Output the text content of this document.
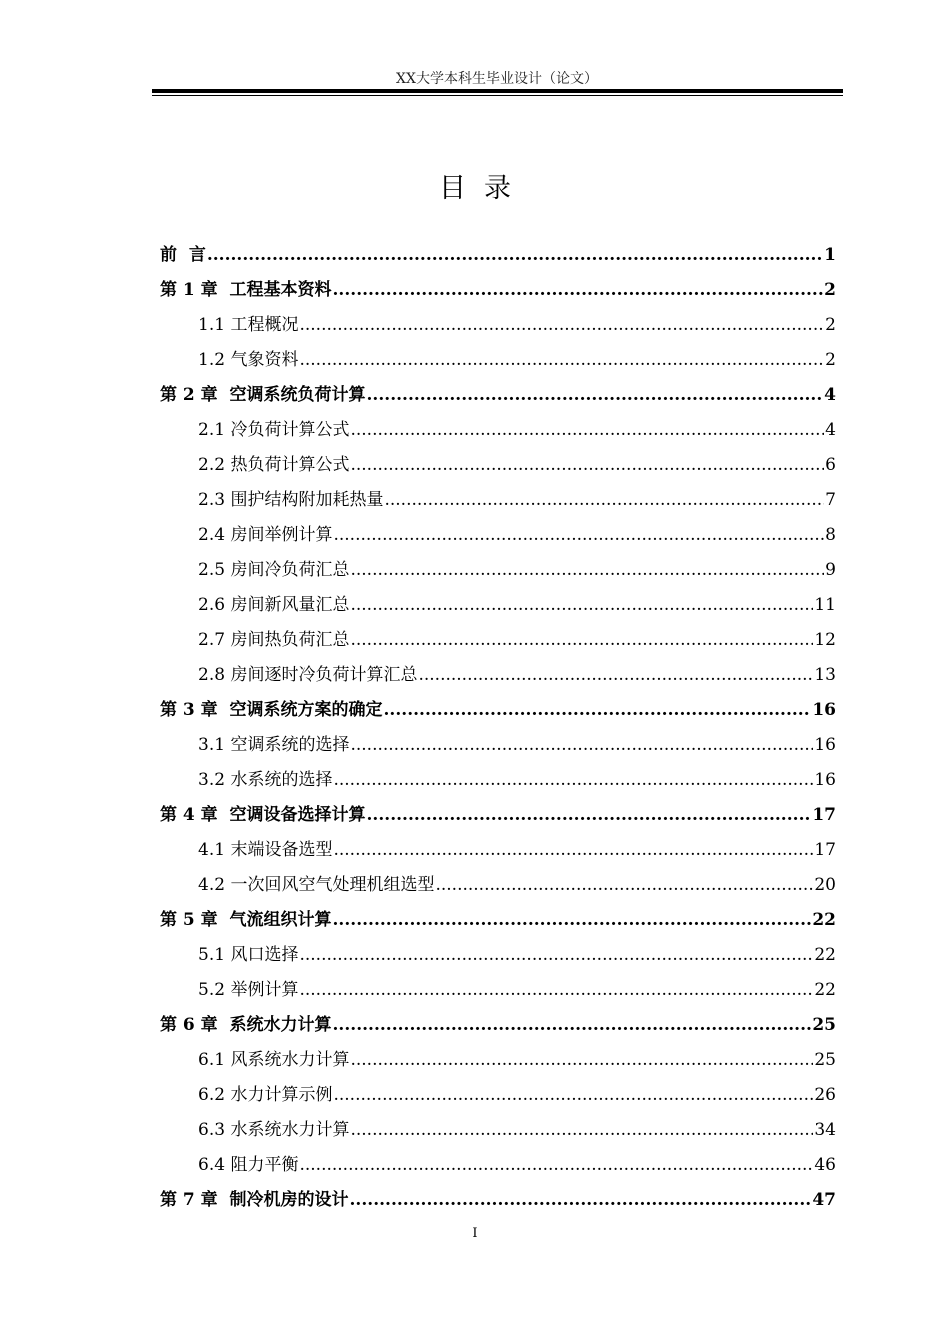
XX大学本科生毕业设计（论文）
目录
前  言 .....	1
第 1 章  工程基本资料 .....	2
1.1 工程概况 .....	2
1.2 气象资料 .....	2
第 2 章  空调系统负荷计算 .....	4
2.1 冷负荷计算公式 .....	4
2.2 热负荷计算公式 .....	6
2.3 围护结构附加耗热量 .....	7
2.4 房间举例计算 .....	8
2.5 房间冷负荷汇总 .....	9
2.6 房间新风量汇总 .....	11
2.7 房间热负荷汇总 .....	12
2.8 房间逐时冷负荷计算汇总 .....	13
第 3 章  空调系统方案的确定 .....	16
3.1 空调系统的选择 .....	16
3.2 水系统的选择 .....	16
第 4 章  空调设备选择计算 .....	17
4.1 末端设备选型 .....	17
4.2 一次回风空气处理机组选型 .....	20
第 5 章  气流组织计算 .....	22
5.1 风口选择 .....	22
5.2 举例计算 .....	22
第 6 章  系统水力计算 .....	25
6.1 风系统水力计算 .....	25
6.2 水力计算示例 .....	26
6.3 水系统水力计算 .....	34
6.4 阻力平衡 .....	46
第 7 章  制冷机房的设计 .....	47
I
